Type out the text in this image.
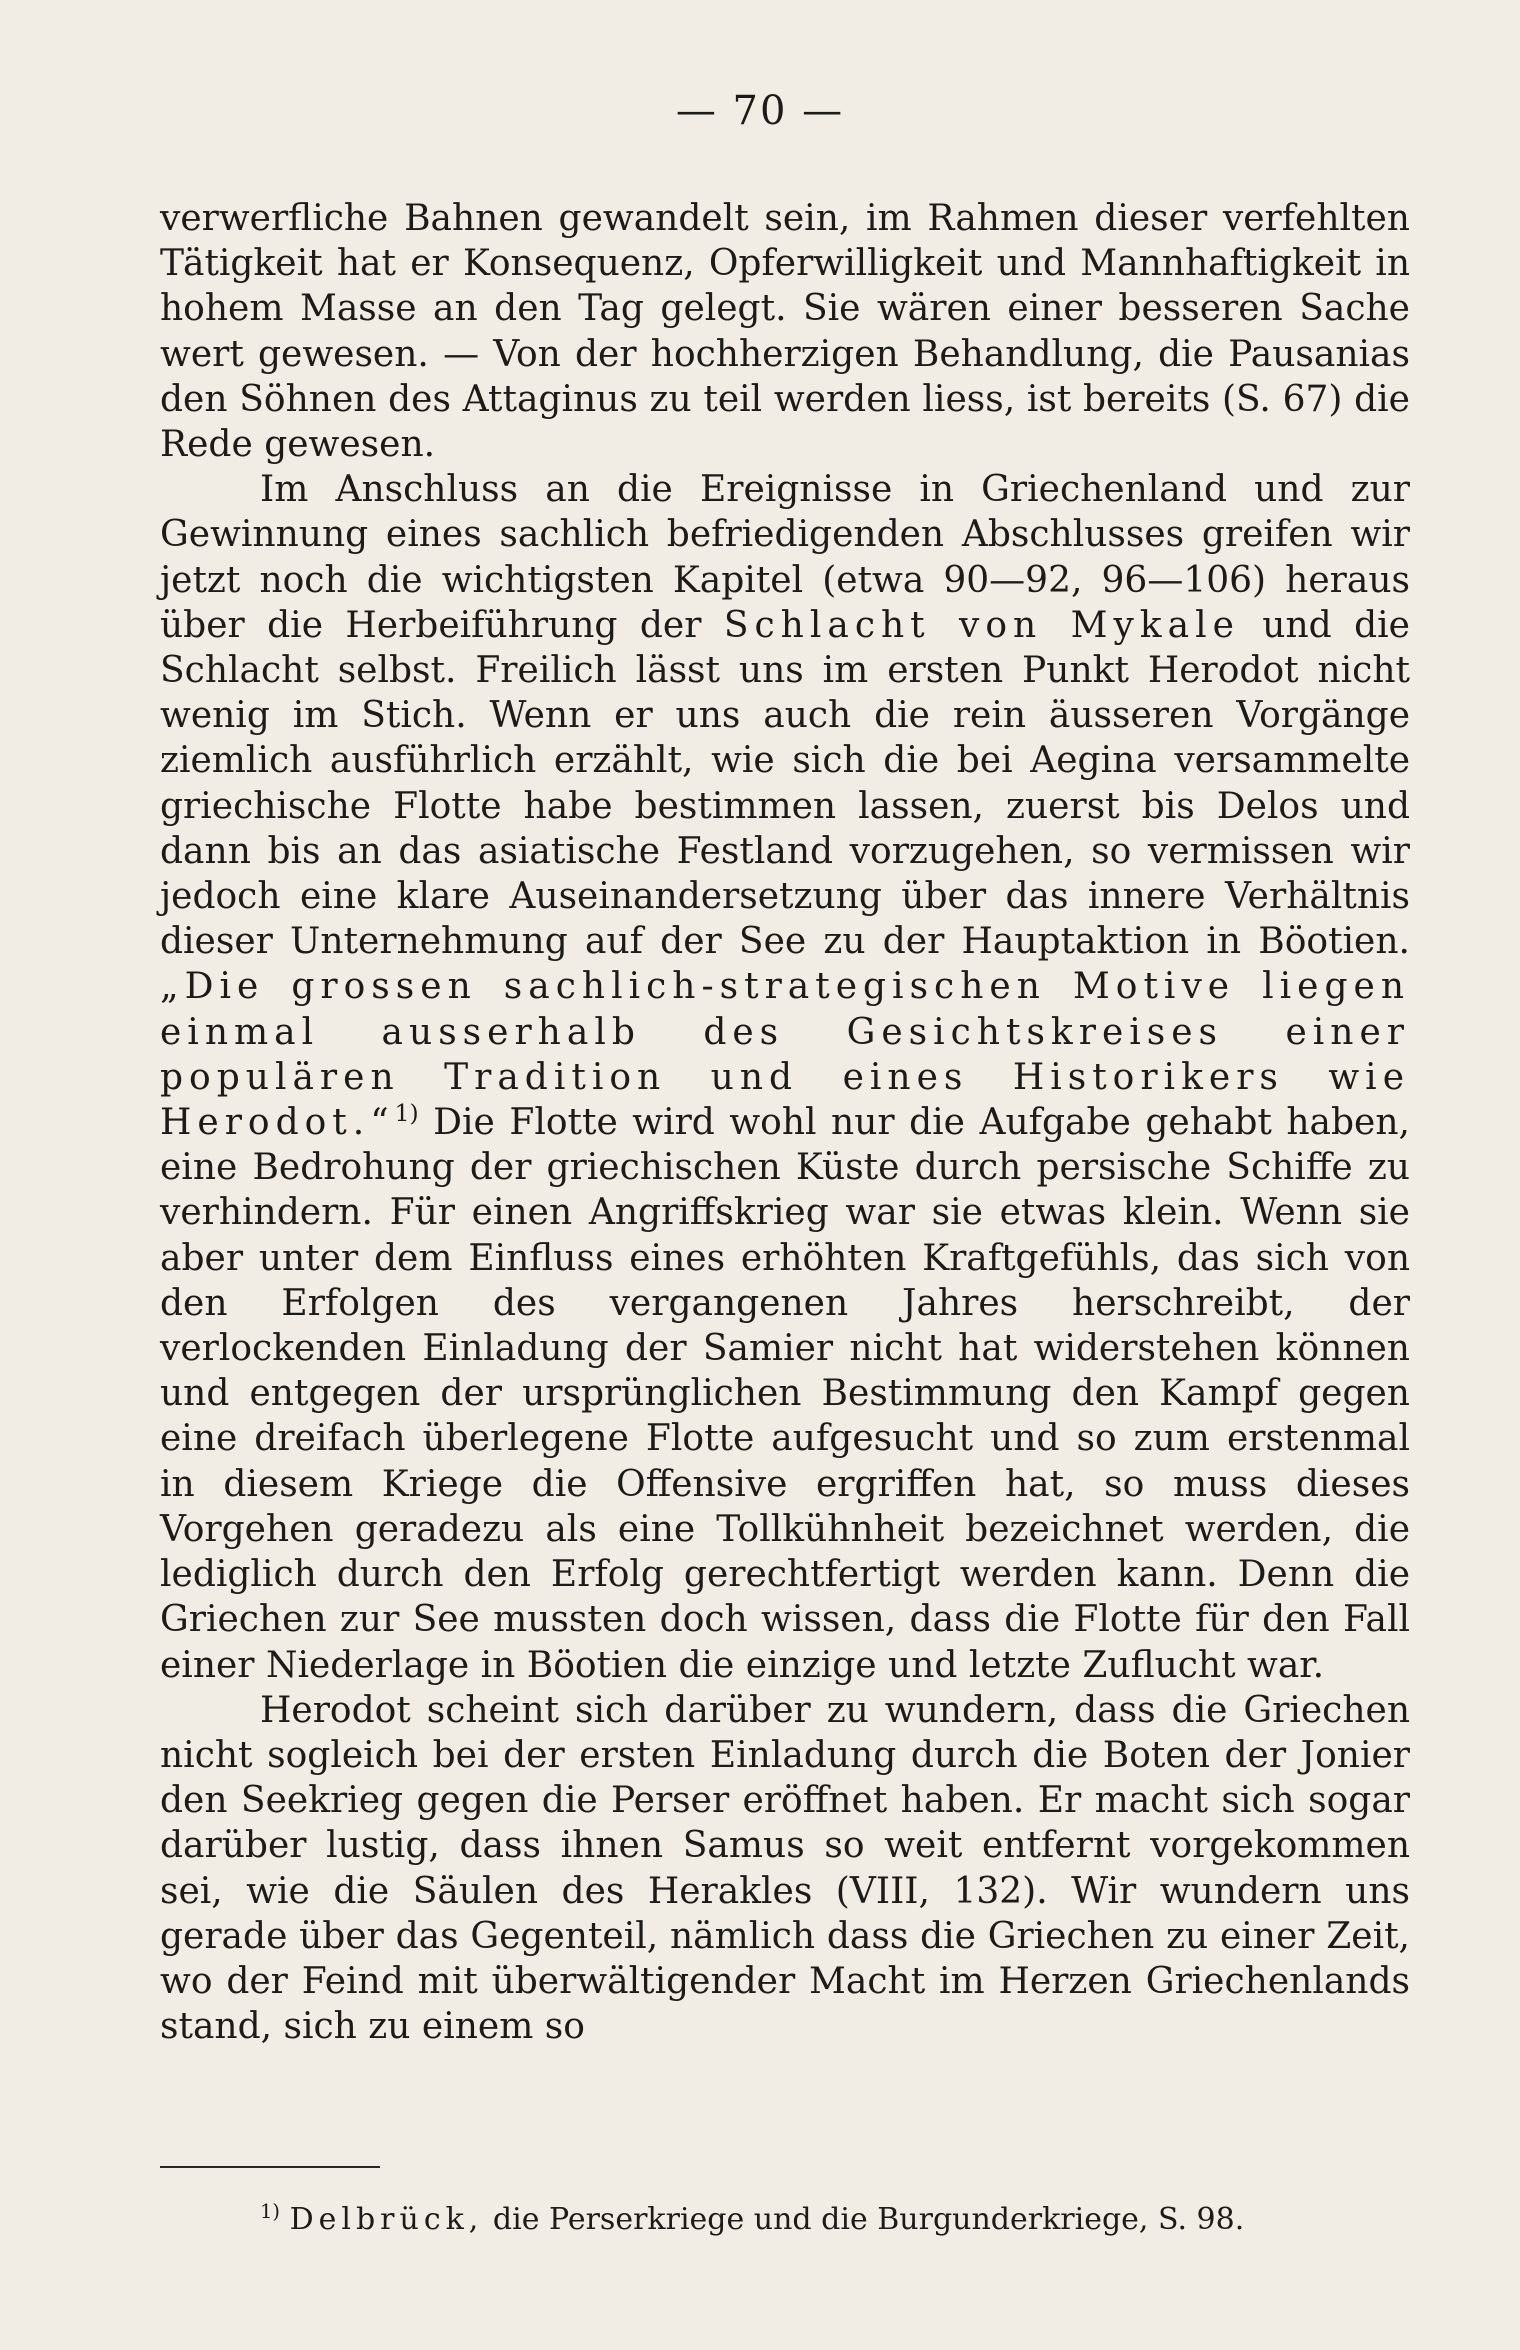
— 70 —

verwerfliche Bahnen gewandelt sein, im Rahmen dieser verfehlten Tätigkeit hat er Konsequenz, Opferwilligkeit und Mannhaftigkeit in hohem Masse an den Tag gelegt. Sie wären einer besseren Sache wert gewesen. — Von der hochherzigen Behandlung, die Pausanias den Söhnen des Attaginus zu teil werden liess, ist bereits (S. 67) die Rede gewesen.

Im Anschluss an die Ereignisse in Griechenland und zur Gewinnung eines sachlich befriedigenden Abschlusses greifen wir jetzt noch die wichtigsten Kapitel (etwa 90—92, 96—106) heraus über die Herbeiführung der Schlacht von Mykale und die Schlacht selbst. Freilich lässt uns im ersten Punkt Herodot nicht wenig im Stich. Wenn er uns auch die rein äusseren Vorgänge ziemlich ausführlich erzählt, wie sich die bei Aegina versammelte griechische Flotte habe bestimmen lassen, zuerst bis Delos und dann bis an das asiatische Festland vorzugehen, so vermissen wir jedoch eine klare Auseinandersetzung über das innere Verhältnis dieser Unternehmung auf der See zu der Hauptaktion in Böotien. „Die grossen sachlich-strategischen Motive liegen einmal ausserhalb des Gesichtskreises einer populären Tradition und eines Historikers wie Herodot.“$^{1)}$ Die Flotte wird wohl nur die Aufgabe gehabt haben, eine Bedrohung der griechischen Küste durch persische Schiffe zu verhindern. Für einen Angriffskrieg war sie etwas klein. Wenn sie aber unter dem Einfluss eines erhöhten Kraftgefühls, das sich von den Erfolgen des vergangenen Jahres herschreibt, der verlockenden Einladung der Samier nicht hat widerstehen können und entgegen der ursprünglichen Bestimmung den Kampf gegen eine dreifach überlegene Flotte aufgesucht und so zum erstenmal in diesem Kriege die Offensive ergriffen hat, so muss dieses Vorgehen geradezu als eine Tollkühnheit bezeichnet werden, die lediglich durch den Erfolg gerechtfertigt werden kann. Denn die Griechen zur See mussten doch wissen, dass die Flotte für den Fall einer Niederlage in Böotien die einzige und letzte Zuflucht war.

Herodot scheint sich darüber zu wundern, dass die Griechen nicht sogleich bei der ersten Einladung durch die Boten der Jonier den Seekrieg gegen die Perser eröffnet haben. Er macht sich sogar darüber lustig, dass ihnen Samus so weit entfernt vorgekommen sei, wie die Säulen des Herakles (VIII, 132). Wir wundern uns gerade über das Gegenteil, nämlich dass die Griechen zu einer Zeit, wo der Feind mit überwältigender Macht im Herzen Griechenlands stand, sich zu einem so

$^{1)}$ Delbrück, die Perserkriege und die Burgunderkriege, S. 98.
